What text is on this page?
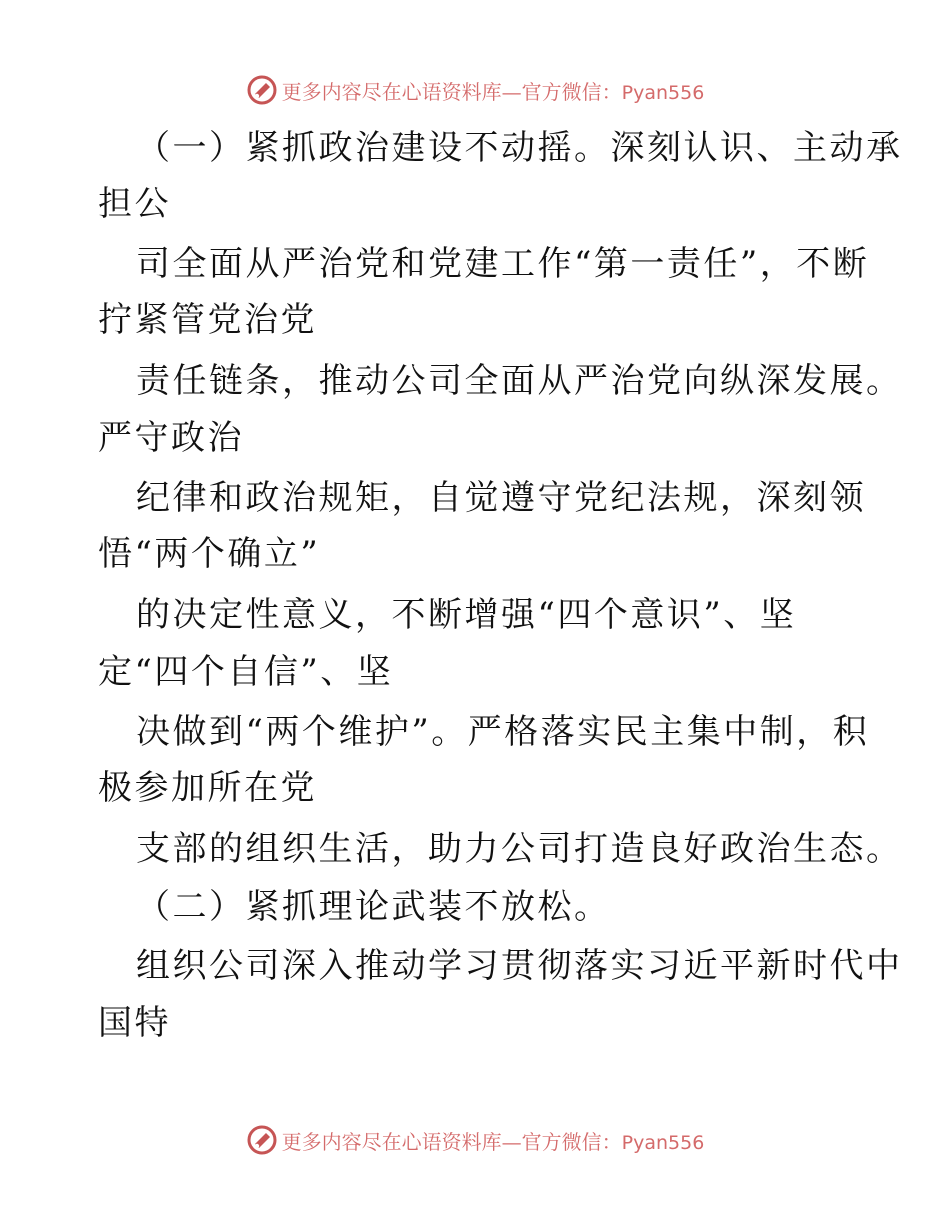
更多内容尽在心语资料库—官方微信：Pyan556
（一）紧抓政治建设不动摇。深刻认识、主动承
担公
司全面从严治党和党建工作“第一责任”，不断
拧紧管党治党
责任链条，推动公司全面从严治党向纵深发展。
严守政治
纪律和政治规矩，自觉遵守党纪法规，深刻领
悟“两个确立”
的决定性意义，不断增强“四个意识”、坚
定“四个自信”、坚
决做到“两个维护”。严格落实民主集中制，积
极参加所在党
支部的组织生活，助力公司打造良好政治生态。
（二）紧抓理论武装不放松。
组织公司深入推动学习贯彻落实习近平新时代中
国特
更多内容尽在心语资料库—官方微信：Pyan556
